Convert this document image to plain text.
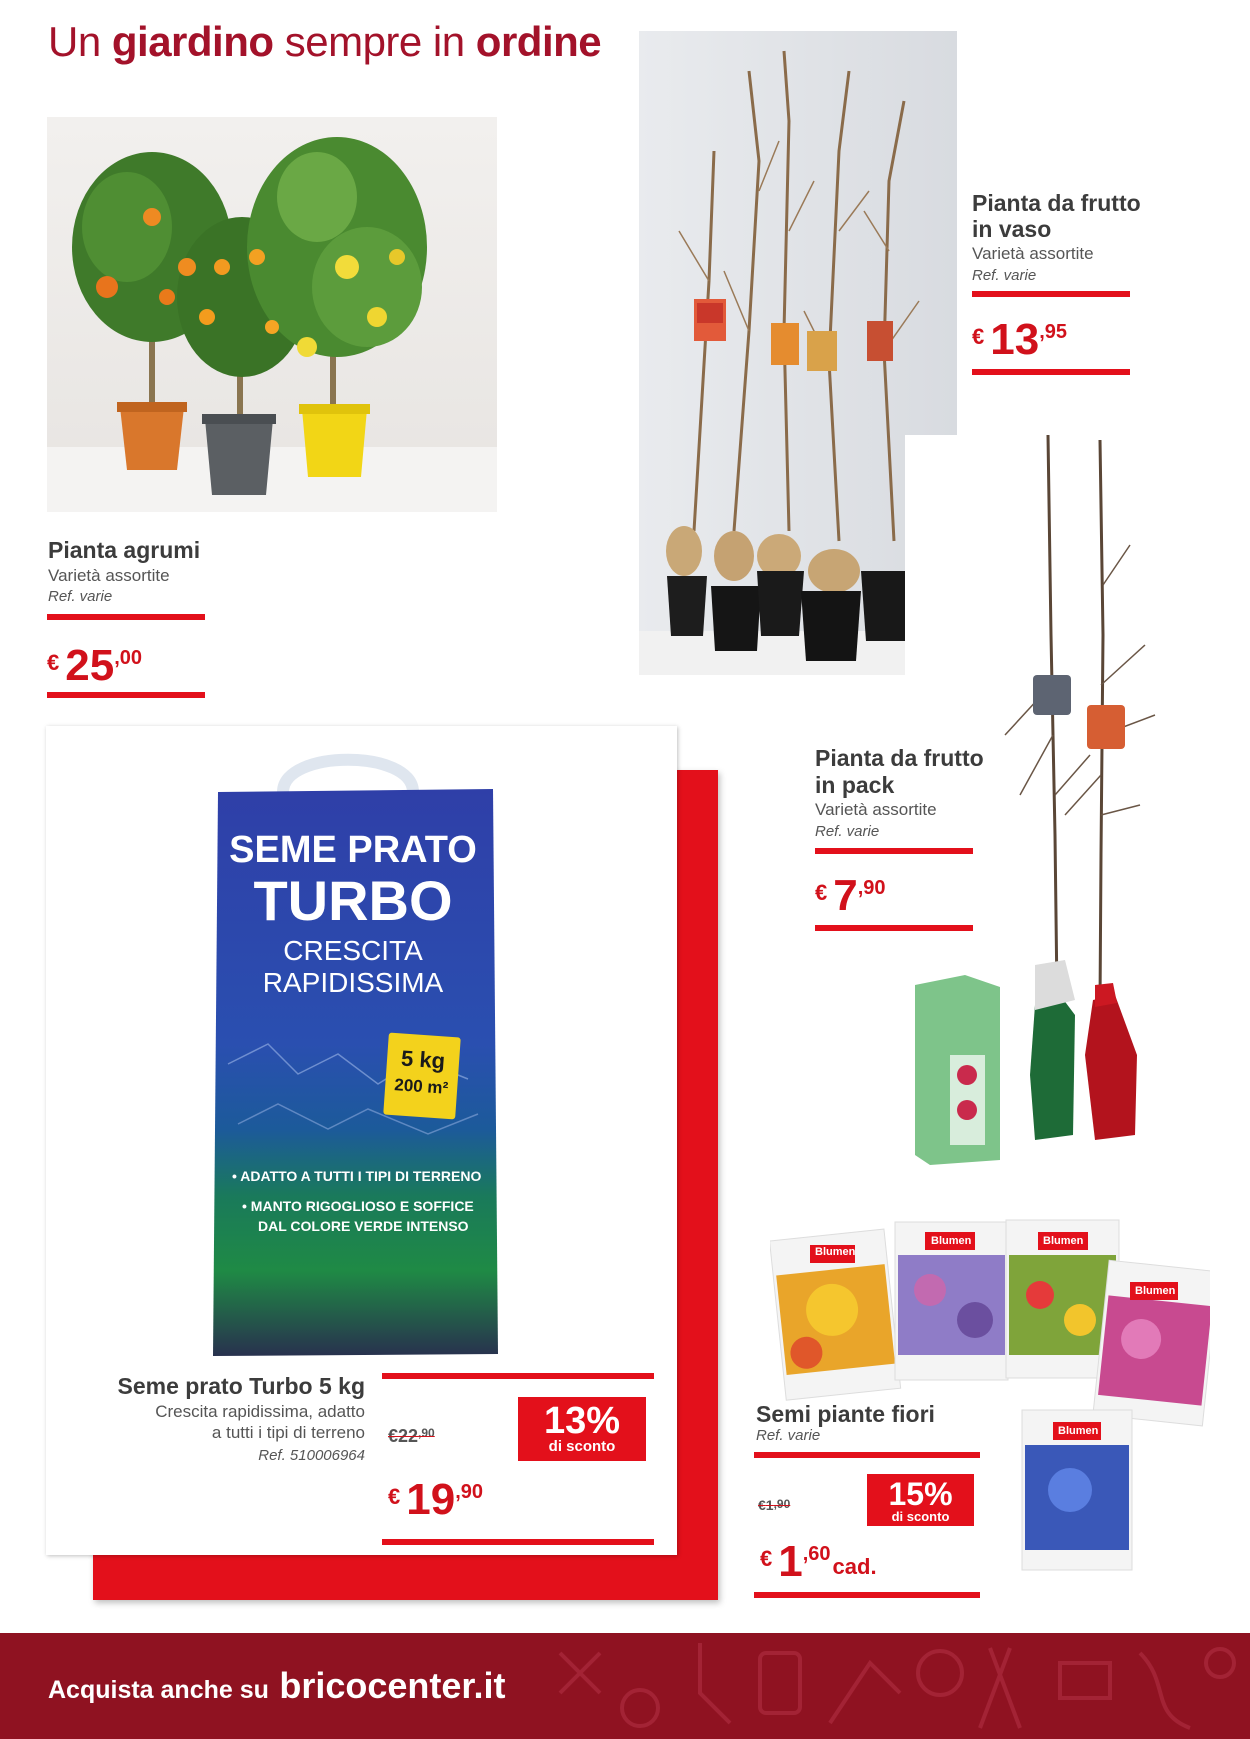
Un giardino sempre in ordine
Pianta agrumi
Varietà assortite
Ref. varie
€ 25,00
Pianta da frutto
in vaso
Varietà assortite
Ref. varie
€ 13,95
Pianta da frutto
in pack
Varietà assortite
Ref. varie
€ 7,90
SEME PRATO
TURBO
CRESCITA
RAPIDISSIMA
5 kg
200 m²
• ADATTO A TUTTI I TIPI DI TERRENO
• MANTO RIGOGLIOSO E SOFFICE
DAL COLORE VERDE INTENSO
Seme prato Turbo 5 kg
Crescita rapidissima, adatto
a tutti i tipi di terreno
Ref. 510006964
$€22^{,90}$	13%
di sconto
€ 19,90
Blumen
Blumen	Blumen
Blumen
Blumen
Semi piante fiori
Ref. varie
€1,90	15%
di sconto
€ 1,60cad.
Acquista anche su bricocenter.it
